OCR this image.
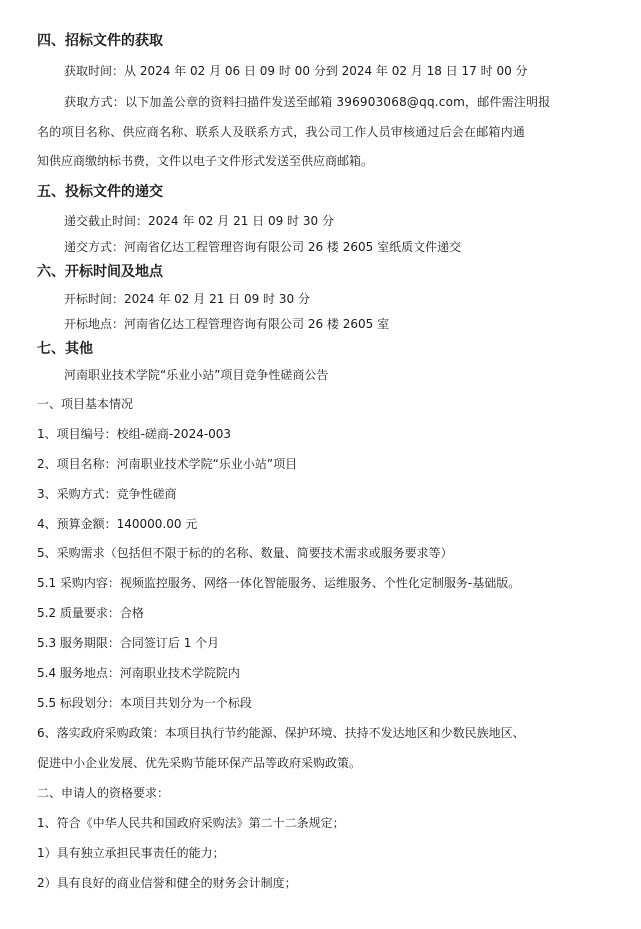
四、招标文件的获取
获取时间：从 2024 年 02 月 06 日 09 时 00 分到 2024 年 02 月 18 日 17 时 00 分
获取方式：以下加盖公章的资料扫描件发送至邮箱 396903068@qq.com，邮件需注明报
名的项目名称、供应商名称、联系人及联系方式，我公司工作人员审核通过后会在邮箱内通
知供应商缴纳标书费，文件以电子文件形式发送至供应商邮箱。
五、投标文件的递交
递交截止时间：2024 年 02 月 21 日 09 时 30 分
递交方式：河南省亿达工程管理咨询有限公司 26 楼 2605 室纸质文件递交
六、开标时间及地点
开标时间：2024 年 02 月 21 日 09 时 30 分
开标地点：河南省亿达工程管理咨询有限公司 26 楼 2605 室
七、其他
河南职业技术学院“乐业小站”项目竞争性磋商公告
一、项目基本情况
1、项目编号：校组-磋商-2024-003
2、项目名称：河南职业技术学院“乐业小站”项目
3、采购方式：竞争性磋商
4、预算金额：140000.00 元
5、采购需求（包括但不限于标的的名称、数量、简要技术需求或服务要求等）
5.1 采购内容：视频监控服务、网络一体化智能服务、运维服务、个性化定制服务-基础版。
5.2 质量要求：合格
5.3 服务期限：合同签订后 1 个月
5.4 服务地点：河南职业技术学院院内
5.5 标段划分：本项目共划分为一个标段
6、落实政府采购政策：本项目执行节约能源、保护环境、扶持不发达地区和少数民族地区、
促进中小企业发展、优先采购节能环保产品等政府采购政策。
二、申请人的资格要求：
1、符合《中华人民共和国政府采购法》第二十二条规定；
1）具有独立承担民事责任的能力；
2）具有良好的商业信誉和健全的财务会计制度；
